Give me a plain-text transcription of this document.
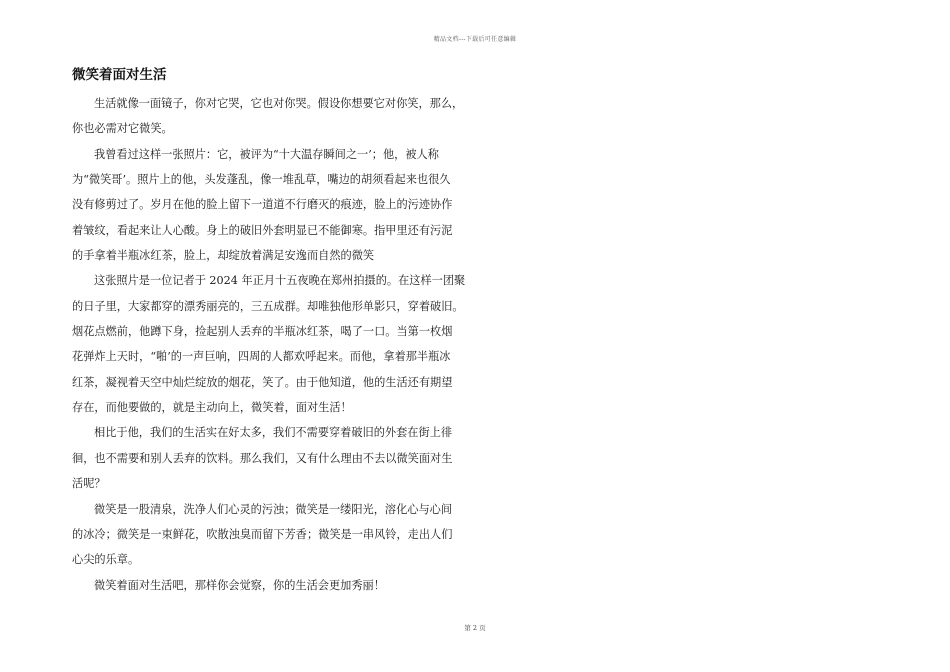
精品文档---下载后可任意编辑
微笑着面对生活
生活就像一面镜子，你对它哭，它也对你哭。假设你想要它对你笑，那么，
你也必需对它微笑。
我曾看过这样一张照片：它，被评为“十大温存瞬间之一’；他，被人称
为“微笑哥’。照片上的他，头发蓬乱，像一堆乱草，嘴边的胡须看起来也很久
没有修剪过了。岁月在他的脸上留下一道道不行磨灭的痕迹，脸上的污迹协作
着皱纹，看起来让人心酸。身上的破旧外套明显已不能御寒。指甲里还有污泥
的手拿着半瓶冰红茶，脸上，却绽放着满足安逸而自然的微笑
这张照片是一位记者于 2024 年正月十五夜晚在郑州拍摄的。在这样一团聚
的日子里，大家都穿的漂秀丽亮的，三五成群。却唯独他形单影只，穿着破旧。
烟花点燃前，他蹲下身，捡起别人丢弃的半瓶冰红茶，喝了一口。当第一枚烟
花弹炸上天时，“啪’的一声巨响，四周的人都欢呼起来。而他，拿着那半瓶冰
红茶，凝视着天空中灿烂绽放的烟花，笑了。由于他知道，他的生活还有期望
存在，而他要做的，就是主动向上，微笑着，面对生活！
相比于他，我们的生活实在好太多，我们不需要穿着破旧的外套在街上徘
徊，也不需要和别人丢弃的饮料。那么我们，又有什么理由不去以微笑面对生
活呢？
微笑是一股清泉，洗净人们心灵的污浊；微笑是一缕阳光，溶化心与心间
的冰冷；微笑是一束鲜花，吹散浊臭而留下芳香；微笑是一串风铃，走出人们
心尖的乐章。
微笑着面对生活吧，那样你会觉察，你的生活会更加秀丽！
第 2 页
